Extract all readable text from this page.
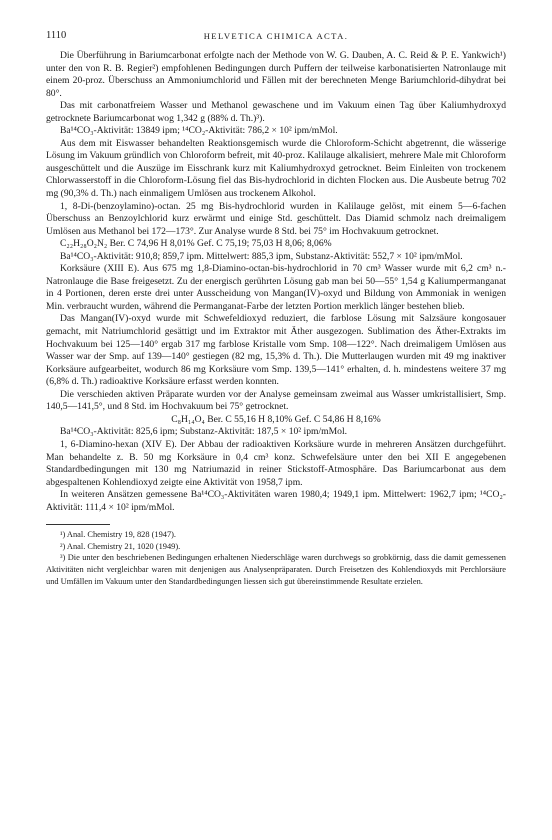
1110	HELVETICA CHIMICA ACTA.

Die Überführung in Bariumcarbonat erfolgte nach der Methode von W. G. Dauben, A. C. Reid & P. E. Yankwich¹) unter den von R. B. Regier²) empfohlenen Bedingungen durch Puffern der teilweise karbonatisierten Natronlauge mit einem 20-proz. Überschuss an Ammoniumchlorid und Fällen mit der berechneten Menge Bariumchlorid-dihydrat bei 80°.

Das mit carbonatfreiem Wasser und Methanol gewaschene und im Vakuum einen Tag über Kaliumhydroxyd getrocknete Bariumcarbonat wog 1,342 g (88% d. Th.)³).

Ba¹⁴CO₃-Aktivität: 13849 ipm; ¹⁴CO₂-Aktivität: 786,2 × 10² ipm/mMol.

Aus dem mit Eiswasser behandelten Reaktionsgemisch wurde die Chloroform-Schicht abgetrennt, die wässerige Lösung im Vakuum gründlich von Chloroform befreit, mit 40-proz. Kalilauge alkalisiert, mehrere Male mit Chloroform ausgeschüttelt und die Auszüge im Eisschrank kurz mit Kaliumhydroxyd getrocknet. Beim Einleiten von trockenem Chlorwasserstoff in die Chloroform-Lösung fiel das Bis-hydrochlorid in dichten Flocken aus. Die Ausbeute betrug 702 mg (90,3% d. Th.) nach einmaligem Umlösen aus trockenem Alkohol.

1, 8-Di-(benzoylamino)-octan. 25 mg Bis-hydrochlorid wurden in Kalilauge gelöst, mit einem 5—6-fachen Überschuss an Benzoylchlorid kurz erwärmt und einige Std. geschüttelt. Das Diamid schmolz nach dreimaligem Umlösen aus Methanol bei 172—173°. Zur Analyse wurde 8 Std. bei 75° im Hochvakuum getrocknet.

C₂₂H₂₈O₂N₂ Ber. C 74,96 H 8,01% Gef. C 75,19; 75,03 H 8,06; 8,06%

Ba¹⁴CO₃-Aktivität: 910,8; 859,7 ipm. Mittelwert: 885,3 ipm, Substanz-Aktivität: 552,7 × 10² ipm/mMol.

Korksäure (XIII E). Aus 675 mg 1,8-Diamino-octan-bis-hydrochlorid in 70 cm³ Wasser wurde mit 6,2 cm³ n.-Natronlauge die Base freigesetzt. Zu der energisch gerührten Lösung gab man bei 50—55° 1,54 g Kaliumpermanganat in 4 Portionen, deren erste drei unter Ausscheidung von Mangan(IV)-oxyd und Bildung von Ammoniak in wenigen Min. verbraucht wurden, während die Permanganat-Farbe der letzten Portion merklich länger bestehen blieb.

Das Mangan(IV)-oxyd wurde mit Schwefeldioxyd reduziert, die farblose Lösung mit Salzsäure kongosauer gemacht, mit Natriumchlorid gesättigt und im Extraktor mit Äther ausgezogen. Sublimation des Äther-Extrakts im Hochvakuum bei 125—140° ergab 317 mg farblose Kristalle vom Smp. 108—122°. Nach dreimaligem Umlösen aus Wasser war der Smp. auf 139—140° gestiegen (82 mg, 15,3% d. Th.). Die Mutterlaugen wurden mit 49 mg inaktiver Korksäure aufgearbeitet, wodurch 86 mg Korksäure vom Smp. 139,5—141° erhalten, d. h. mindestens weitere 37 mg (6,8% d. Th.) radioaktive Korksäure erfasst werden konnten.

Die verschieden aktiven Präparate wurden vor der Analyse gemeinsam zweimal aus Wasser umkristallisiert, Smp. 140,5—141,5°, und 8 Std. im Hochvakuum bei 75° getrocknet.

C₈H₁₄O₄ Ber. C 55,16 H 8,10% Gef. C 54,86 H 8,16%

Ba¹⁴CO₃-Aktivität: 825,6 ipm; Substanz-Aktivität: 187,5 × 10² ipm/mMol.

1, 6-Diamino-hexan (XIV E). Der Abbau der radioaktiven Korksäure wurde in mehreren Ansätzen durchgeführt. Man behandelte z. B. 50 mg Korksäure in 0,4 cm³ konz. Schwefelsäure unter den bei XII E angegebenen Standardbedingungen mit 130 mg Natriumazid in reiner Stickstoff-Atmosphäre. Das Bariumcarbonat aus dem abgespaltenen Kohlendioxyd zeigte eine Aktivität von 1958,7 ipm.

In weiteren Ansätzen gemessene Ba¹⁴CO₃-Aktivitäten waren 1980,4; 1949,1 ipm. Mittelwert: 1962,7 ipm; ¹⁴CO₂-Aktivität: 111,4 × 10² ipm/mMol.

¹) Anal. Chemistry 19, 828 (1947).

²) Anal. Chemistry 21, 1020 (1949).

³) Die unter den beschriebenen Bedingungen erhaltenen Niederschläge waren durchwegs so grobkörnig, dass die damit gemessenen Aktivitäten nicht vergleichbar waren mit denjenigen aus Analysenpräparaten. Durch Freisetzen des Kohlendioxyds mit Perchlorsäure und Umfällen im Vakuum unter den Standardbedingungen liessen sich gut übereinstimmende Resultate erzielen.
